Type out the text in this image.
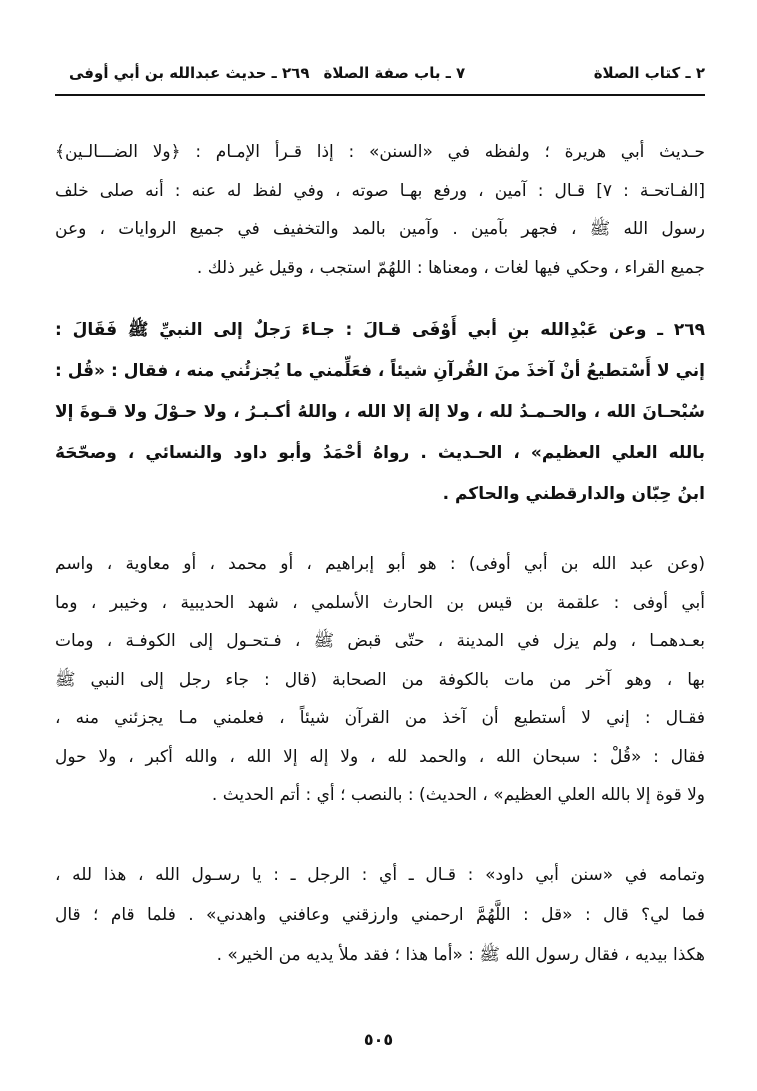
٢ ـ كتاب الصلاة
٧ ـ باب صفة الصلاة٢٦٩ ـ حديث عبدالله بن أبي أوفى
حـديث أبي هريرة ؛ ولفظه في «السنن» : إذا قـرأ الإمـام : ﴿ولا الضـــالـين﴾
[الفـاتحـة : ٧] قـال : آمين ، ورفع بهـا صوته ، وفي لفظ له عنه : أنه صلى خلف
رسول الله ﷺ ، فجهر بآمين . وآمين بالمد والتخفيف في جميع الروايات ، وعن
جميع القراء ، وحكي فيها لغات ، ومعناها : اللهُمّ استجب ، وقيل غير ذلك .
٢٦٩ ـ وعن عَبْدِالله بنِ أبي أَوْفَى قـالَ : جـاءَ رَجلٌ إلى النبيِّ ﷺ فَقَالَ :
إني لا أَسْتطيعُ أنْ آخذَ منَ القُرآنِ شيئاً ، فعَلِّمني ما يُجزئُني منه ، فقال : «قُل :
سُبْحـانَ الله ، والحـمـدُ لله ، ولا إلهَ إلا الله ، واللهُ أكـبـرُ ، ولا حـوْلَ ولا قـوةَ إلا
بالله العلي العظيم» ، الحـديث . رواهُ أحْمَدُ وأبو داود والنسائي ، وصحّحَهُ
ابنُ حِبّان والدارقطني والحاكم .
(وعن عبد الله بن أبي أوفى) : هو أبو إبراهيم ، أو محمد ، أو معاوية ، واسم
أبي أوفى : علقمة بن قيس بن الحارث الأسلمي ، شهد الحديبية ، وخيبر ، وما
بعـدهمـا ، ولم يزل في المدينة ، حتّى قبض ﷺ ، فـتحـول إلى الكوفـة ، ومات
بها ، وهو آخر من مات بالكوفة من الصحابة (قال : جاء رجل إلى النبي ﷺ
فقـال : إني لا أستطيع أن آخذ من القرآن شيئاً ، فعلمني مـا يجزئني منه ،
فقال : «قُلْ : سبحان الله ، والحمد لله ، ولا إله إلا الله ، والله أكبر ، ولا حول
ولا قوة إلا بالله العلي العظيم» ، الحديث) : بالنصب ؛ أي : أتم الحديث .
وتمامه في «سنن أبي داود» : قـال ـ أي : الرجل ـ : يا رسـول الله ، هذا لله ،
فما لي؟ قال : «قل : اللَّهُمَّ ارحمني وارزقني وعافني واهدني» . فلما قام ؛ قال
هكذا بيديه ، فقال رسول الله ﷺ : «أما هذا ؛ فقد ملأ يديه من الخير» .
٥٠٥
